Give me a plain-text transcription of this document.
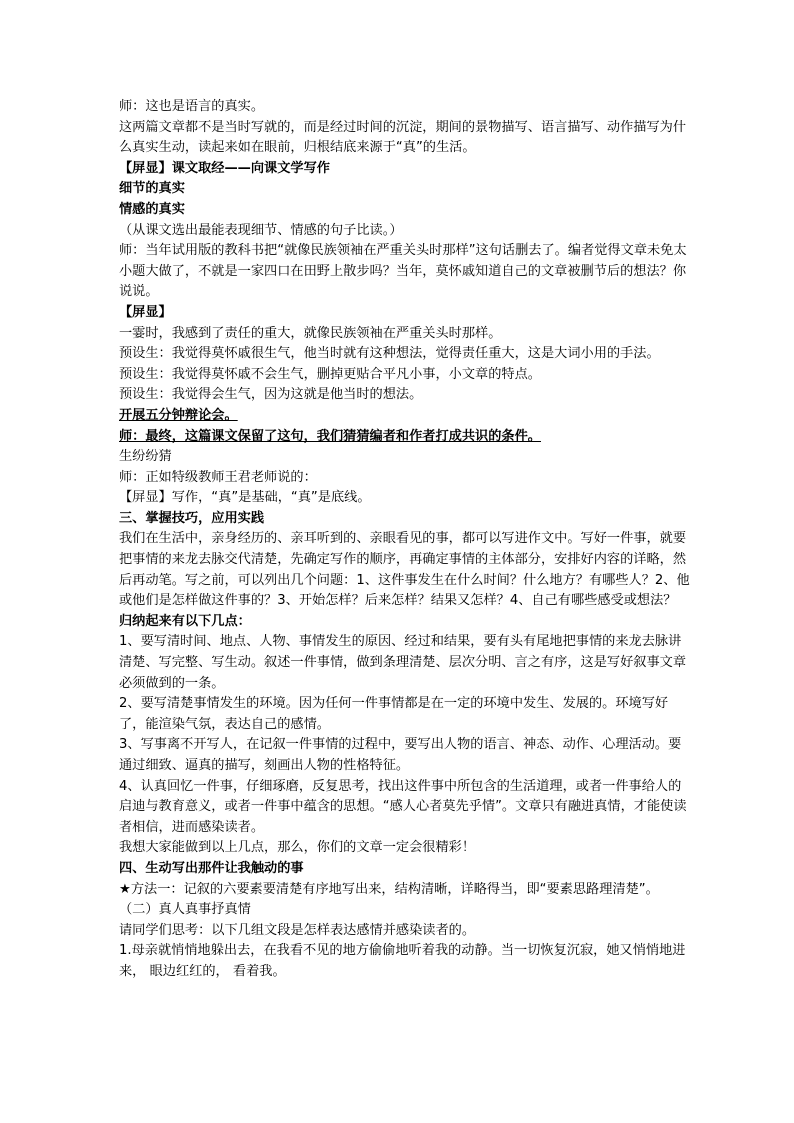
师：这也是语言的真实。

这两篇文章都不是当时写就的，而是经过时间的沉淀，期间的景物描写、语言描写、动作描写为什么真实生动，读起来如在眼前，归根结底来源于“真”的生活。

【屏显】课文取经——向课文学写作

细节的真实

情感的真实

（从课文选出最能表现细节、情感的句子比读。）

师：当年试用版的教科书把“就像民族领袖在严重关头时那样”这句话删去了。编者觉得文章未免太小题大做了，不就是一家四口在田野上散步吗？当年，莫怀戚知道自己的文章被删节后的想法？你说说。

【屏显】

一霎时，我感到了责任的重大，就像民族领袖在严重关头时那样。

预设生：我觉得莫怀戚很生气，他当时就有这种想法，觉得责任重大，这是大词小用的手法。

预设生：我觉得莫怀戚不会生气，删掉更贴合平凡小事，小文章的特点。

预设生：我觉得会生气，因为这就是他当时的想法。

开展五分钟辩论会。

师：最终，这篇课文保留了这句，我们猜猜编者和作者打成共识的条件。

生纷纷猜

师：正如特级教师王君老师说的：

【屏显】写作，“真”是基础，“真”是底线。

三、掌握技巧，应用实践

我们在生活中，亲身经历的、亲耳听到的、亲眼看见的事，都可以写进作文中。写好一件事，就要把事情的来龙去脉交代清楚，先确定写作的顺序，再确定事情的主体部分，安排好内容的详略，然后再动笔。写之前，可以列出几个问题：1、这件事发生在什么时间？什么地方？有哪些人？2、他或他们是怎样做这件事的？3、开始怎样？后来怎样？结果又怎样？4、自己有哪些感受或想法？

归纳起来有以下几点：

1、要写清时间、地点、人物、事情发生的原因、经过和结果，要有头有尾地把事情的来龙去脉讲清楚、写完整、写生动。叙述一件事情，做到条理清楚、层次分明、言之有序，这是写好叙事文章必须做到的一条。

2、要写清楚事情发生的环境。因为任何一件事情都是在一定的环境中发生、发展的。环境写好了，能渲染气氛，表达自己的感情。

3、写事离不开写人，在记叙一件事情的过程中，要写出人物的语言、神态、动作、心理活动。要通过细致、逼真的描写，刻画出人物的性格特征。

4、认真回忆一件事，仔细琢磨，反复思考，找出这件事中所包含的生活道理，或者一件事给人的启迪与教育意义，或者一件事中蕴含的思想。“感人心者莫先乎情”。文章只有融进真情，才能使读者相信，进而感染读者。

我想大家能做到以上几点，那么，你们的文章一定会很精彩！

四、生动写出那件让我触动的事

★方法一：记叙的六要素要清楚有序地写出来，结构清晰，详略得当，即“要素思路理清楚”。

（二）真人真事抒真情

请同学们思考：以下几组文段是怎样表达感情并感染读者的。

1.母亲就悄悄地躲出去，在我看不见的地方偷偷地听着我的动静。当一切恢复沉寂，她又悄悄地进来， 眼边红红的， 看着我。
